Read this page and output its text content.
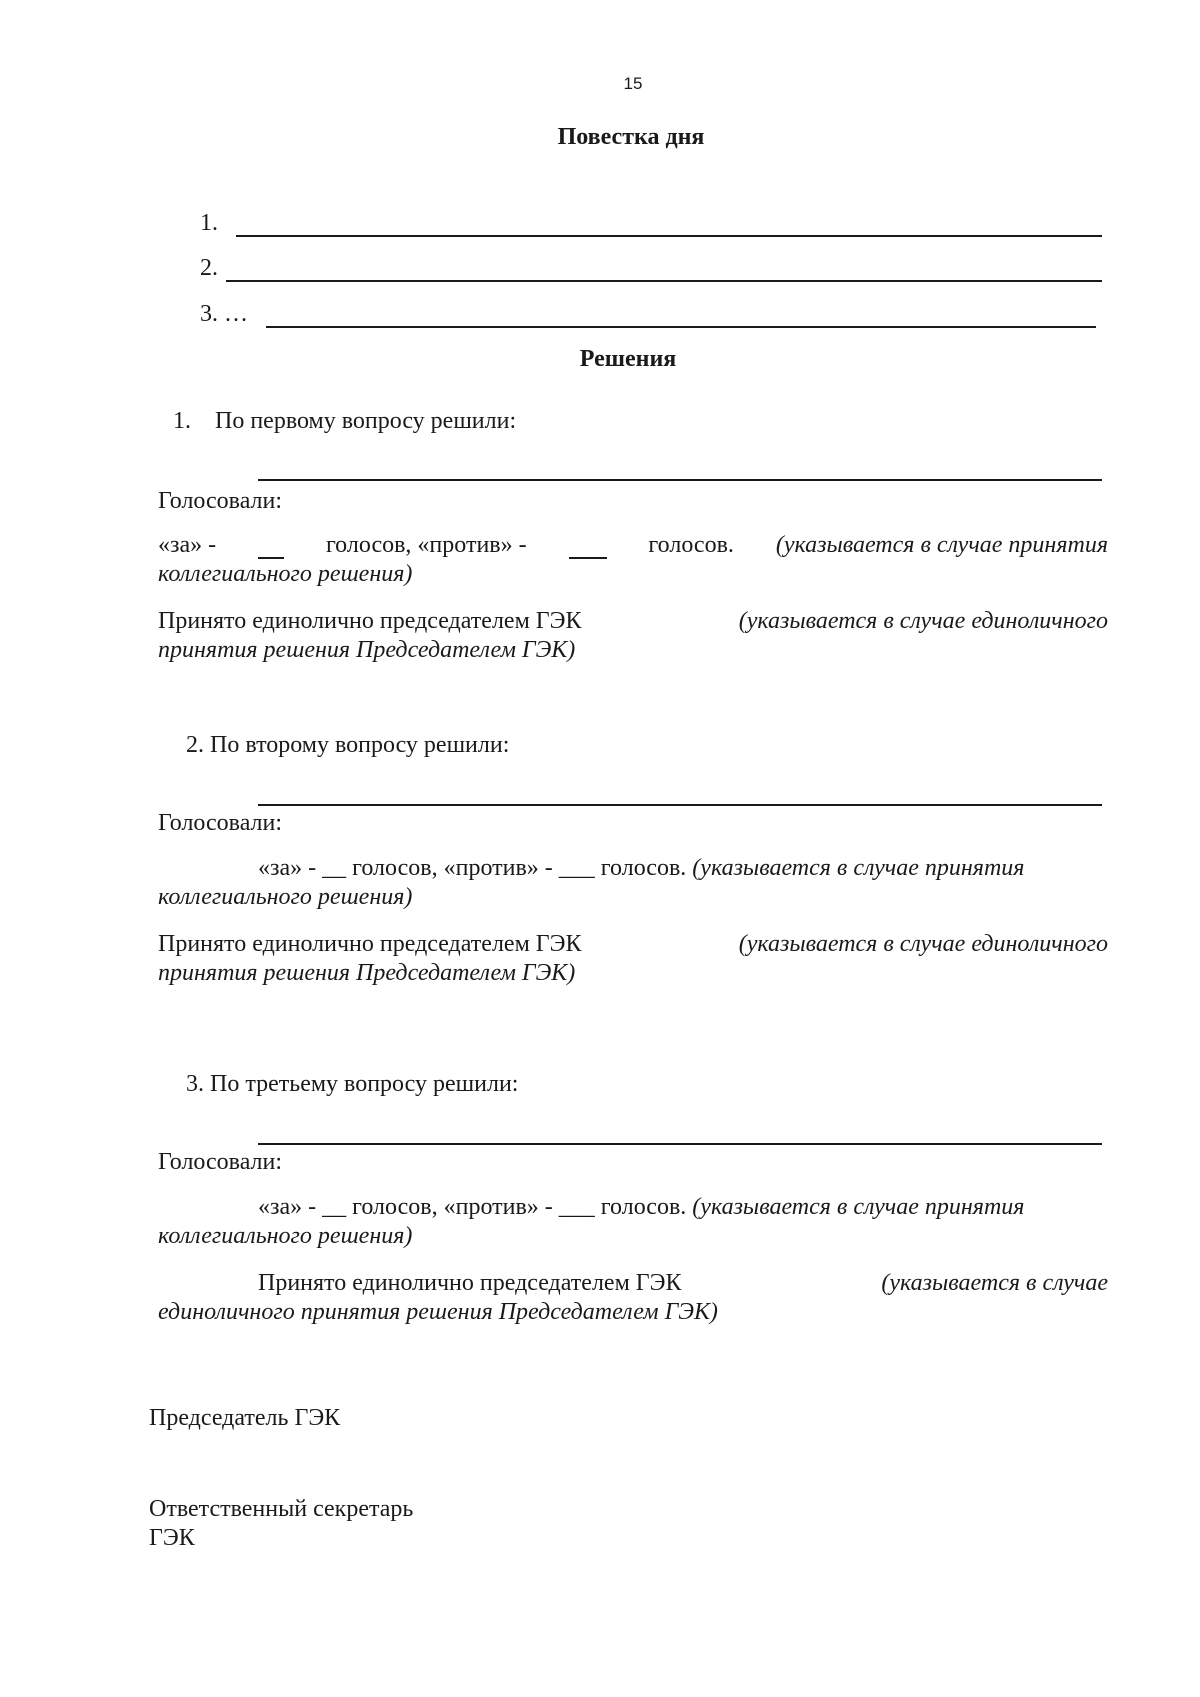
15
Повестка дня
1.
2.
3. …
Решения
1. По первому вопросу решили:
Голосовали:
«за» -	голосов, «против» -	голосов. (указывается в случае принятия
коллегиального решения)
Принято единолично председателем ГЭК	(указывается в случае единоличного
принятия решения Председателем ГЭК)
2. По второму вопросу решили:
Голосовали:
«за» - __ голосов, «против» - ___ голосов. (указывается в случае принятия
коллегиального решения)
Принято единолично председателем ГЭК	(указывается в случае единоличного
принятия решения Председателем ГЭК)
3. По третьему вопросу решили:
Голосовали:
«за» - __ голосов, «против» - ___ голосов. (указывается в случае принятия
коллегиального решения)
Принято единолично председателем ГЭК	(указывается в случае
единоличного принятия решения Председателем ГЭК)
Председатель ГЭК
Ответственный секретарь
ГЭК
